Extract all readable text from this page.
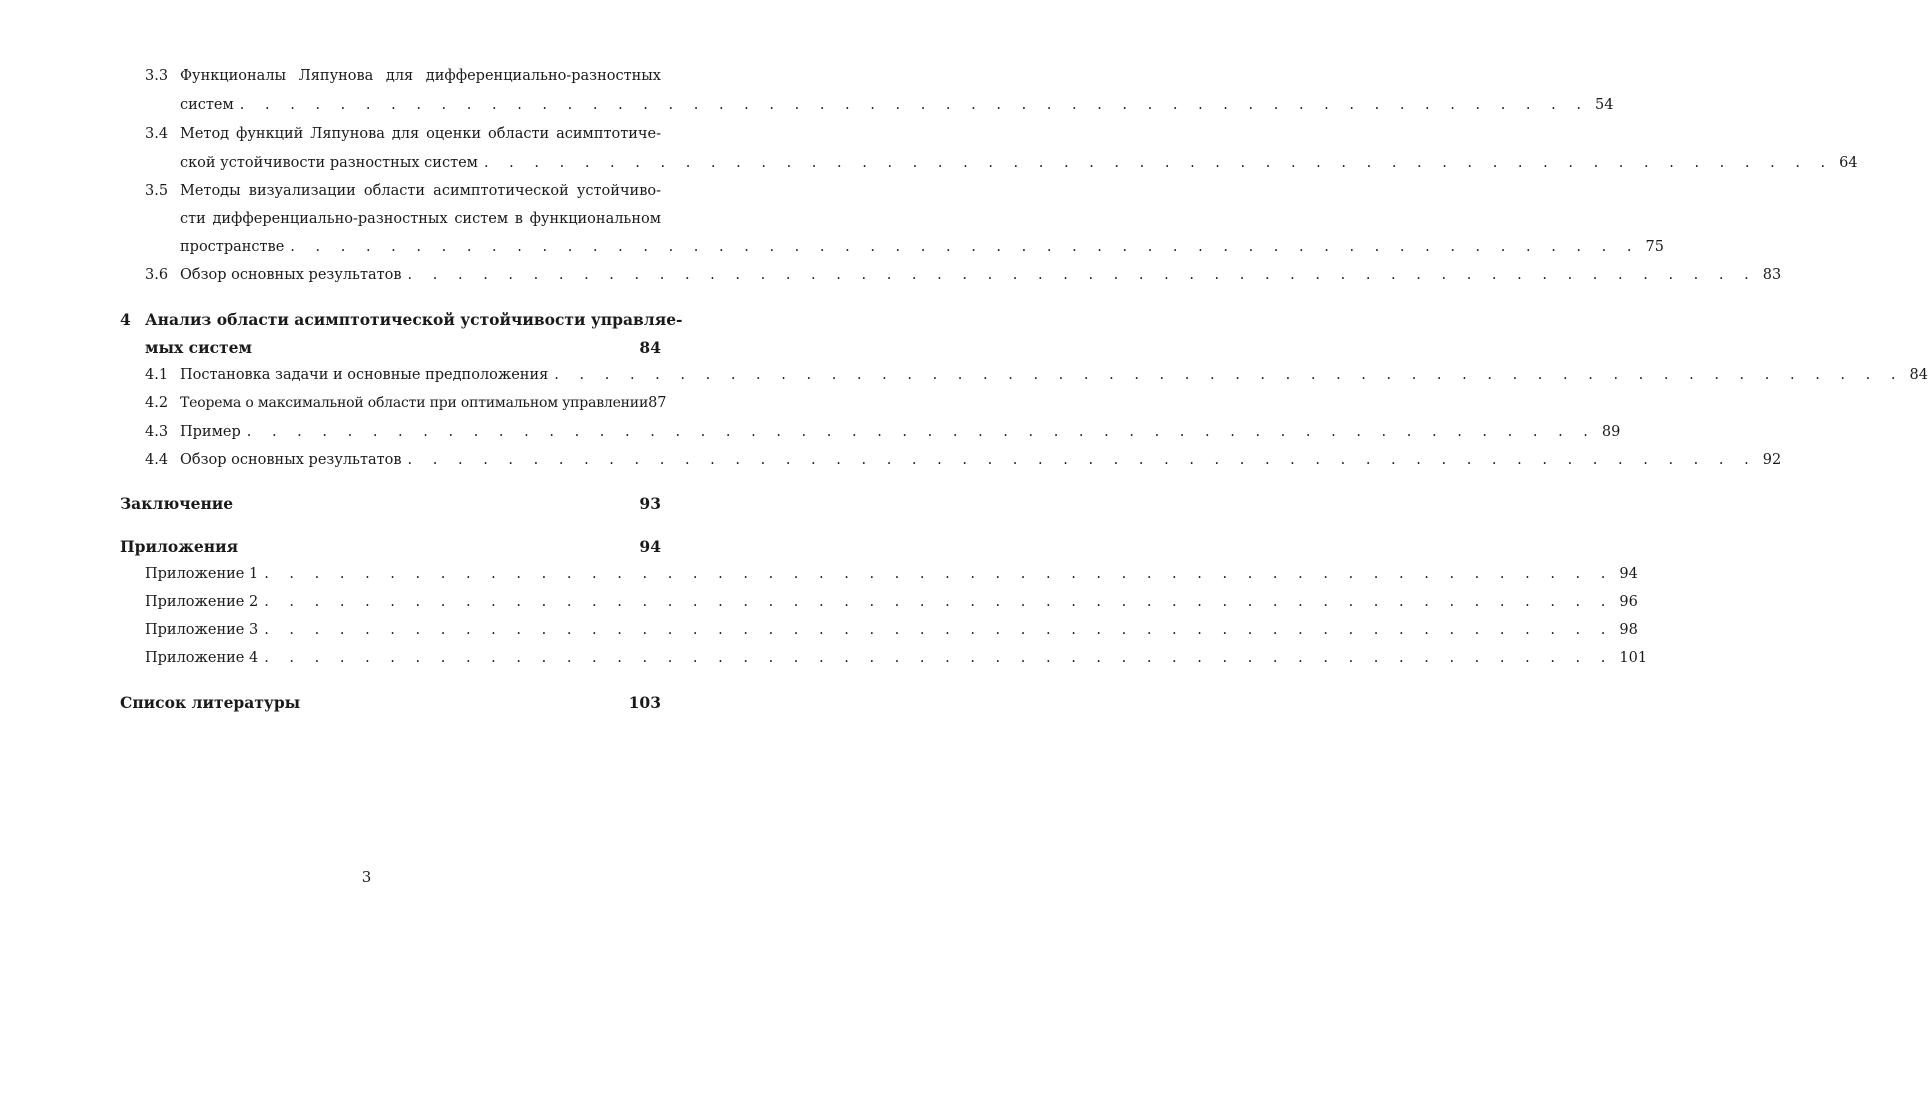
3.3 Функционалы Ляпунова для дифференциально-разностных
систем . . . . . . . . . . . . . . . . . . . . . . . . . . . . . . . . . . . . . . . . . . . . . . . . . . . . . . 54
3.4 Метод функций Ляпунова для оценки области асимптотиче-
ской устойчивости разностных систем . . . . . . . . . . . . . . . . . . . . . . . . . . . . . . . . . . . . . . . . . . . . . . . . . . . . . . 64
3.5 Методы визуализации области асимптотической устойчиво-
сти дифференциально-разностных систем в функциональном
пространстве . . . . . . . . . . . . . . . . . . . . . . . . . . . . . . . . . . . . . . . . . . . . . . . . . . . . . . 75
3.6 Обзор основных результатов . . . . . . . . . . . . . . . . . . . . . . . . . . . . . . . . . . . . . . . . . . . . . . . . . . . . . . 83
4 Анализ области асимптотической устойчивости управляе-
мых систем	84
4.1 Постановка задачи и основные предположения . . . . . . . . . . . . . . . . . . . . . . . . . . . . . . . . . . . . . . . . . . . . . . . . . . . . . . 84
4.2 Теорема о максимальной области при оптимальном управлении 87
4.3 Пример . . . . . . . . . . . . . . . . . . . . . . . . . . . . . . . . . . . . . . . . . . . . . . . . . . . . . . 89
4.4 Обзор основных результатов . . . . . . . . . . . . . . . . . . . . . . . . . . . . . . . . . . . . . . . . . . . . . . . . . . . . . . 92
Заключение	93
Приложения	94
Приложение 1 . . . . . . . . . . . . . . . . . . . . . . . . . . . . . . . . . . . . . . . . . . . . . . . . . . . . . . 94
Приложение 2 . . . . . . . . . . . . . . . . . . . . . . . . . . . . . . . . . . . . . . . . . . . . . . . . . . . . . . 96
Приложение 3 . . . . . . . . . . . . . . . . . . . . . . . . . . . . . . . . . . . . . . . . . . . . . . . . . . . . . . 98
Приложение 4 . . . . . . . . . . . . . . . . . . . . . . . . . . . . . . . . . . . . . . . . . . . . . . . . . . . . . . 101
Список литературы	103
3
